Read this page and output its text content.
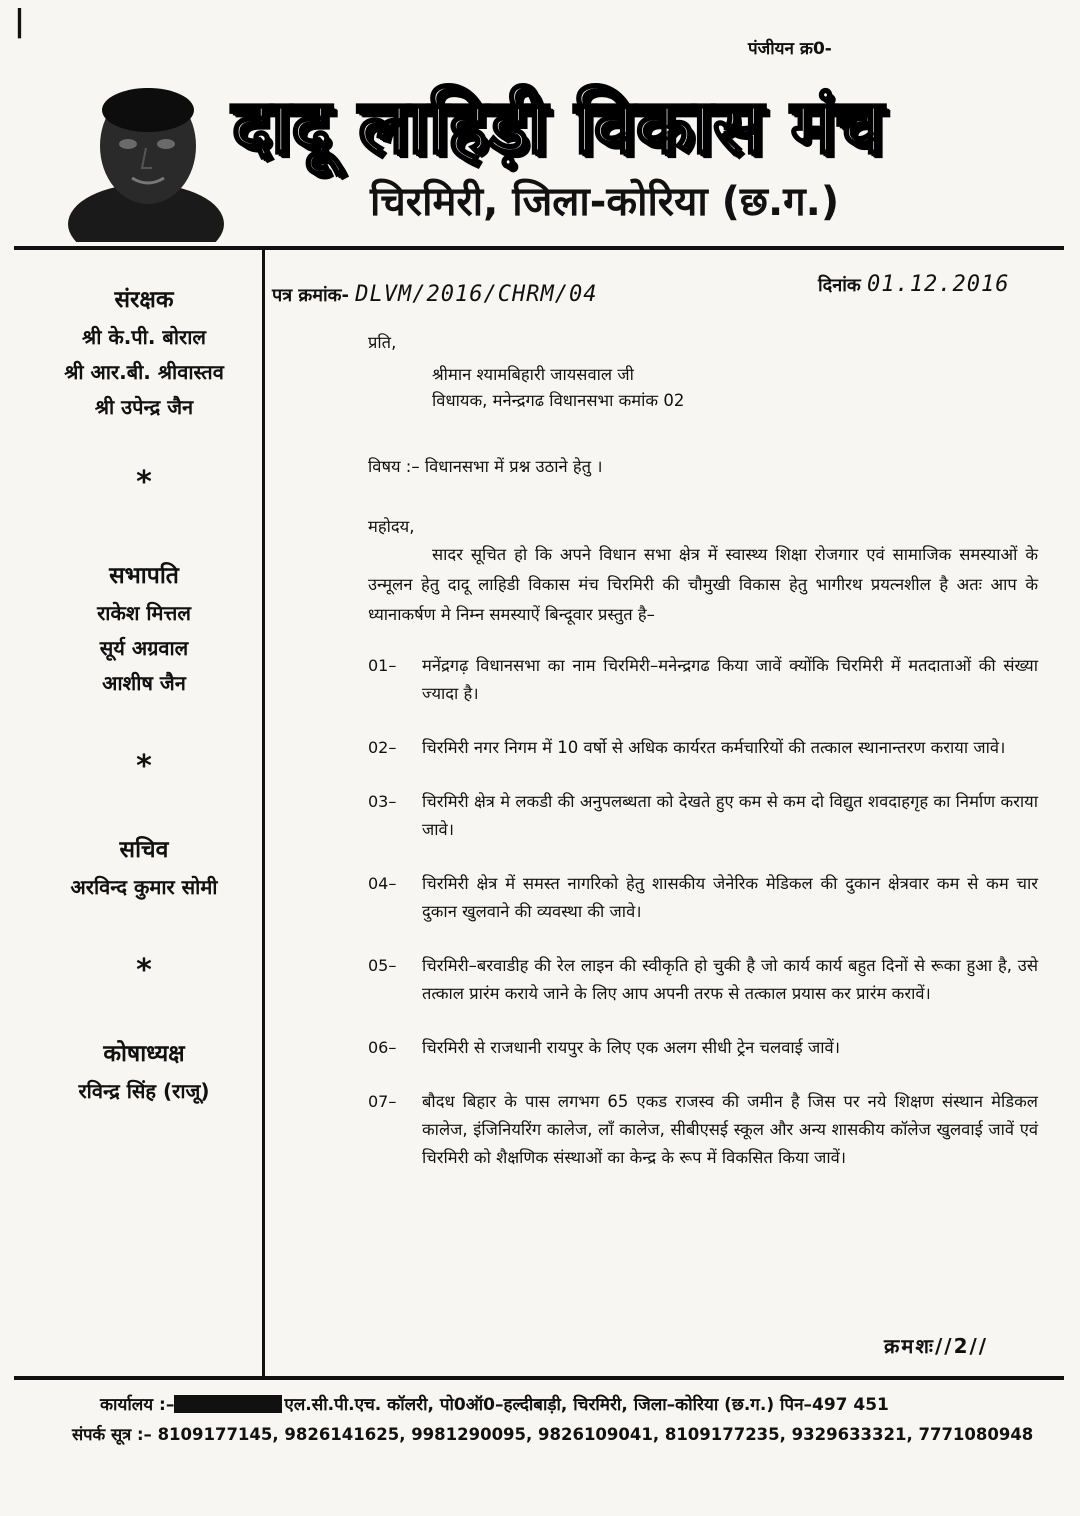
|
पंजीयन क्र0-
दादू लाहिड़ी विकास मंच
चिरमिरी, जिला-कोरिया (छ.ग.)
संरक्षक
श्री के.पी. बोराल
श्री आर.बी. श्रीवास्तव
श्री उपेन्द्र जैन
*
सभापति
राकेश मित्तल
सूर्य अग्रवाल
आशीष जैन
*
सचिव
अरविन्द कुमार सोमी
*
कोषाध्यक्ष
रविन्द्र सिंह (राजू)
पत्र क्रमांक- DLVM/2016/CHRM/04	दिनांक 01.12.2016

प्रति,

श्रीमान श्यामबिहारी जायसवाल जी

विधायक, मनेन्द्रगढ विधानसभा कमांक 02

विषय :– विधानसभा में प्रश्न उठाने हेतु ।

महोदय,

सादर सूचित हो कि अपने विधान सभा क्षेत्र में स्वास्थ्य शिक्षा रोजगार एवं सामाजिक समस्याओं के उन्मूलन हेतु दादू लाहिडी विकास मंच चिरमिरी की चौमुखी विकास हेतु भागीरथ प्रयत्नशील है अतः आप के ध्यानाकर्षण मे निम्न समस्याऐं बिन्दूवार प्रस्तुत है–

01–	मनेंद्रगढ़ विधानसभा का नाम चिरमिरी–मनेन्द्रगढ किया जावें क्योंकि चिरमिरी में मतदाताओं की संख्या ज्यादा है।
02–	चिरमिरी नगर निगम में 10 वर्षो से अधिक कार्यरत कर्मचारियों की तत्काल स्थानान्तरण कराया जावे।
03–	चिरमिरी क्षेत्र मे लकडी की अनुपलब्धता को देखते हुए कम से कम दो विद्युत शवदाहगृह का निर्माण कराया जावे।
04–	चिरमिरी क्षेत्र में समस्त नागरिको हेतु शासकीय जेनेरिक मेडिकल की दुकान क्षेत्रवार कम से कम चार दुकान खुलवाने की व्यवस्था की जावे।
05–	चिरमिरी–बरवाडीह की रेल लाइन की स्वीकृति हो चुकी है जो कार्य कार्य बहुत दिनों से रूका हुआ है, उसे तत्काल प्रारंम कराये जाने के लिए आप अपनी तरफ से तत्काल प्रयास कर प्रारंम करावें।
06–	चिरमिरी से राजधानी रायपुर के लिए एक अलग सीधी ट्रेन चलवाई जावें।
07–	बौदध बिहार के पास लगभग 65 एकड राजस्व की जमीन है जिस पर नये शिक्षण संस्थान मेडिकल कालेज, इंजिनियरिंग कालेज, लॉं कालेज, सीबीएसई स्कूल और अन्य शासकीय कॉलेज खुलवाई जावें एवं चिरमिरी को शैक्षणिक संस्थाओं का केन्द्र के रूप में विकसित किया जावें।
क्रमशः//2//
कार्यालय :–	एल.सी.पी.एच. कॉलरी, पो0ऑ0–हल्दीबाड़ी, चिरमिरी, जिला–कोरिया (छ.ग.) पिन–497 451
संपर्क सूत्र :– 8109177145, 9826141625, 9981290095, 9826109041, 8109177235, 9329633321, 7771080948
